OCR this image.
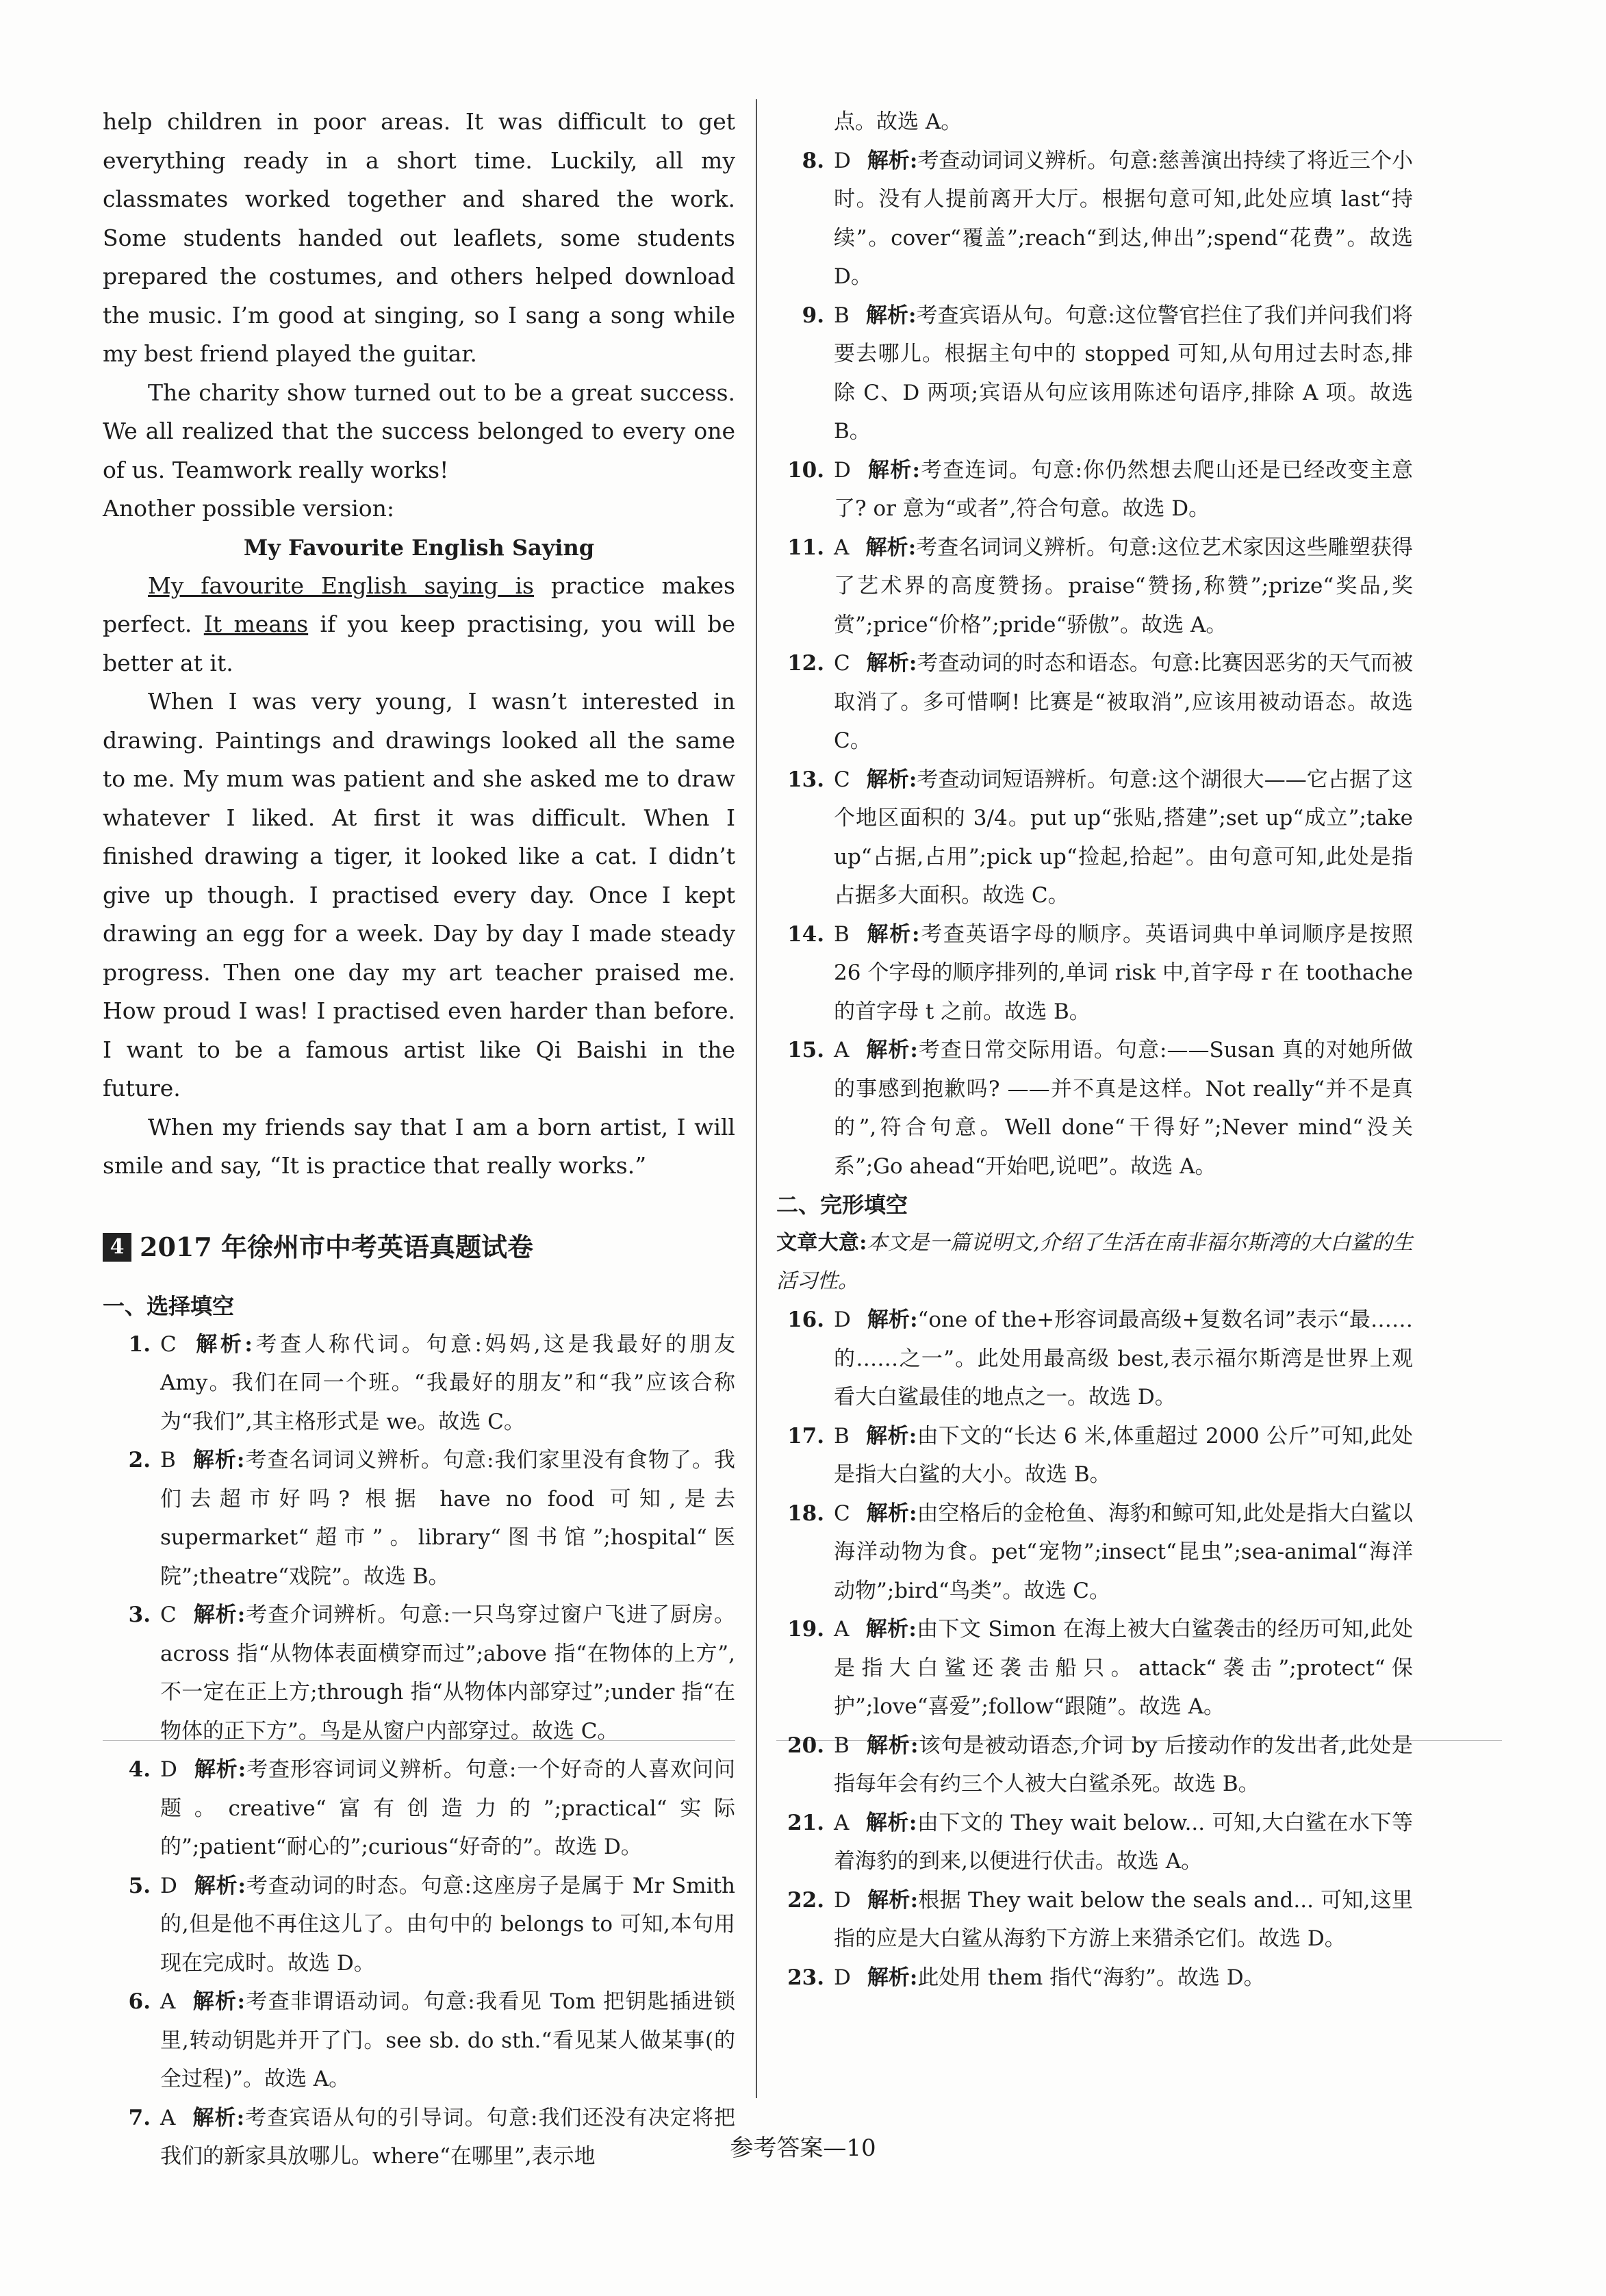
help children in poor areas. It was difficult to get everything ready in a short time. Luckily, all my classmates worked together and shared the work. Some students handed out leaflets, some students prepared the costumes, and others helped download the music. I’m good at singing, so I sang a song while my best friend played the guitar.

The charity show turned out to be a great success. We all realized that the success belonged to every one of us. Teamwork really works!

Another possible version:

My Favourite English Saying

My favourite English saying is practice makes perfect. It means if you keep practising, you will be better at it.

When I was very young, I wasn’t interested in drawing. Paintings and drawings looked all the same to me. My mum was patient and she asked me to draw whatever I liked. At first it was difficult. When I finished drawing a tiger, it looked like a cat. I didn’t give up though. I practised every day. Once I kept drawing an egg for a week. Day by day I made steady progress. Then one day my art teacher praised me. How proud I was! I practised even harder than before. I want to be a famous artist like Qi Baishi in the future.

When my friends say that I am a born artist, I will smile and say, “It is practice that really works.”

4 2017 年徐州市中考英语真题试卷

一、选择填空

1. C 解析:考查人称代词。句意:妈妈,这是我最好的朋友 Amy。我们在同一个班。“我最好的朋友”和“我”应该合称为“我们”,其主格形式是 we。故选 C。
2. B 解析:考查名词词义辨析。句意:我们家里没有食物了。我们去超市好吗? 根据 have no food 可知,是去 supermarket“超市”。library“图书馆”;hospital“医院”;theatre“戏院”。故选 B。
3. C 解析:考查介词辨析。句意:一只鸟穿过窗户飞进了厨房。across 指“从物体表面横穿而过”;above 指“在物体的上方”,不一定在正上方;through 指“从物体内部穿过”;under 指“在物体的正下方”。鸟是从窗户内部穿过。故选 C。
4. D 解析:考查形容词词义辨析。句意:一个好奇的人喜欢问问题。creative“富有创造力的”;practical“实际的”;patient“耐心的”;curious“好奇的”。故选 D。
5. D 解析:考查动词的时态。句意:这座房子是属于 Mr Smith 的,但是他不再住这儿了。由句中的 belongs to 可知,本句用现在完成时。故选 D。
6. A 解析:考查非谓语动词。句意:我看见 Tom 把钥匙插进锁里,转动钥匙并开了门。see sb. do sth.“看见某人做某事(的全过程)”。故选 A。
7. A 解析:考查宾语从句的引导词。句意:我们还没有决定将把我们的新家具放哪儿。where“在哪里”,表示地

点。故选 A。

8. D 解析:考查动词词义辨析。句意:慈善演出持续了将近三个小时。没有人提前离开大厅。根据句意可知,此处应填 last“持续”。cover“覆盖”;reach“到达,伸出”;spend“花费”。故选 D。
9. B 解析:考查宾语从句。句意:这位警官拦住了我们并问我们将要去哪儿。根据主句中的 stopped 可知,从句用过去时态,排除 C、D 两项;宾语从句应该用陈述句语序,排除 A 项。故选 B。
10. D 解析:考查连词。句意:你仍然想去爬山还是已经改变主意了? or 意为“或者”,符合句意。故选 D。
11. A 解析:考查名词词义辨析。句意:这位艺术家因这些雕塑获得了艺术界的高度赞扬。praise“赞扬,称赞”;prize“奖品,奖赏”;price“价格”;pride“骄傲”。故选 A。
12. C 解析:考查动词的时态和语态。句意:比赛因恶劣的天气而被取消了。多可惜啊! 比赛是“被取消”,应该用被动语态。故选 C。
13. C 解析:考查动词短语辨析。句意:这个湖很大——它占据了这个地区面积的 3/4。put up“张贴,搭建”;set up“成立”;take up“占据,占用”;pick up“捡起,拾起”。由句意可知,此处是指占据多大面积。故选 C。
14. B 解析:考查英语字母的顺序。英语词典中单词顺序是按照 26 个字母的顺序排列的,单词 risk 中,首字母 r 在 toothache 的首字母 t 之前。故选 B。
15. A 解析:考查日常交际用语。句意:——Susan 真的对她所做的事感到抱歉吗? ——并不真是这样。Not really“并不是真的”,符合句意。Well done“干得好”;Never mind“没关系”;Go ahead“开始吧,说吧”。故选 A。

二、完形填空

文章大意:本文是一篇说明文,介绍了生活在南非福尔斯湾的大白鲨的生活习性。

16. D 解析:“one of the+形容词最高级+复数名词”表示“最……的……之一”。此处用最高级 best,表示福尔斯湾是世界上观看大白鲨最佳的地点之一。故选 D。
17. B 解析:由下文的“长达 6 米,体重超过 2000 公斤”可知,此处是指大白鲨的大小。故选 B。
18. C 解析:由空格后的金枪鱼、海豹和鲸可知,此处是指大白鲨以海洋动物为食。pet“宠物”;insect“昆虫”;sea-animal“海洋动物”;bird“鸟类”。故选 C。
19. A 解析:由下文 Simon 在海上被大白鲨袭击的经历可知,此处是指大白鲨还袭击船只。attack“袭击”;protect“保护”;love“喜爱”;follow“跟随”。故选 A。
20. B 解析:该句是被动语态,介词 by 后接动作的发出者,此处是指每年会有约三个人被大白鲨杀死。故选 B。
21. A 解析:由下文的 They wait below... 可知,大白鲨在水下等着海豹的到来,以便进行伏击。故选 A。
22. D 解析:根据 They wait below the seals and... 可知,这里指的应是大白鲨从海豹下方游上来猎杀它们。故选 D。
23. D 解析:此处用 them 指代“海豹”。故选 D。
参考答案—10
